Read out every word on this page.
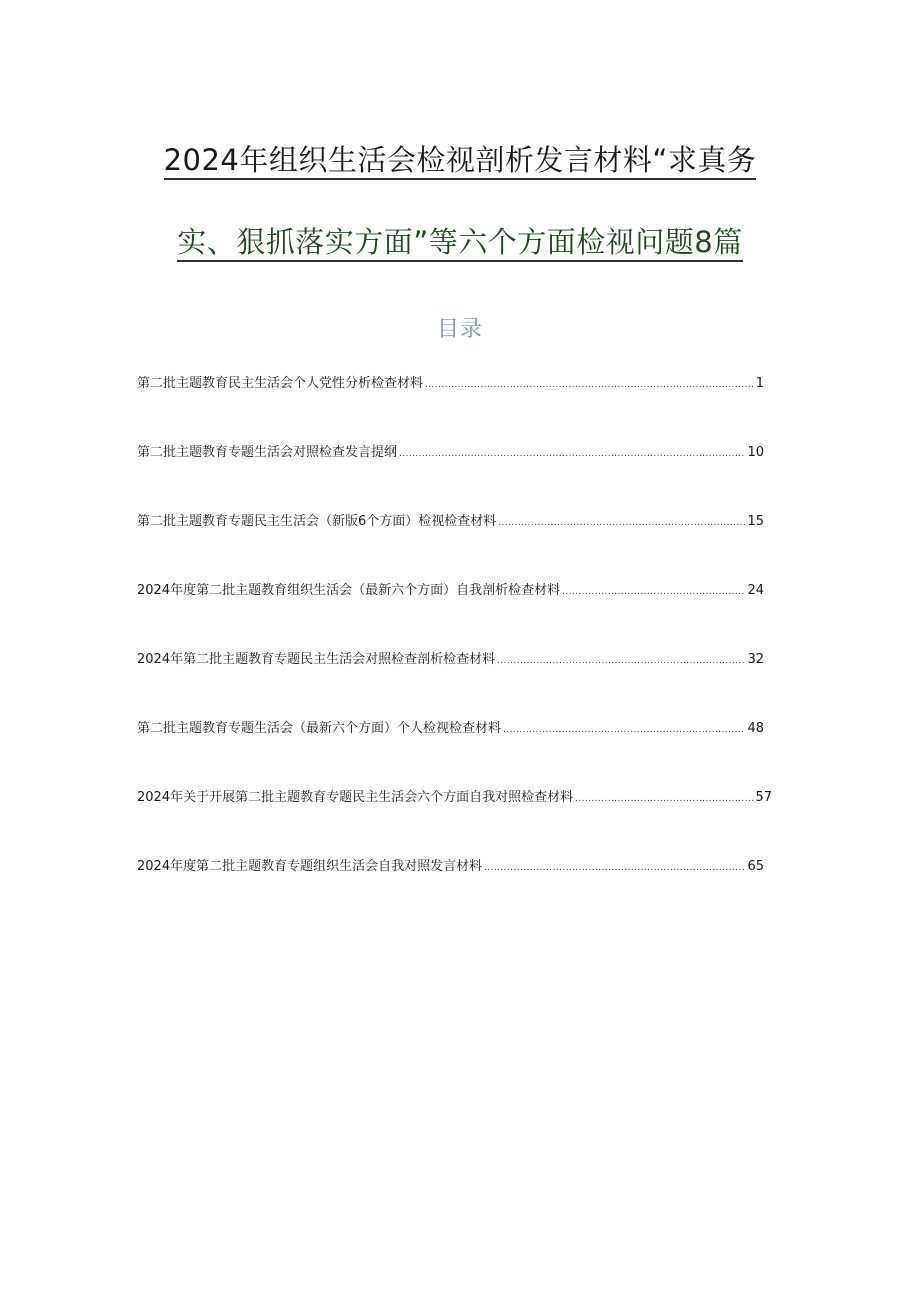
2024年组织生活会检视剖析发言材料“求真务
实、狠抓落实方面”等六个方面检视问题8篇
目录
第二批主题教育民主生活会个人党性分析检查材料 .....	1
第二批主题教育专题生活会对照检查发言提纲 .....	10
第二批主题教育专题民主生活会（新版6个方面）检视检查材料 .....	15
2024年度第二批主题教育组织生活会（最新六个方面）自我剖析检查材料 .....	24
2024年第二批主题教育专题民主生活会对照检查剖析检查材料 .....	32
第二批主题教育专题生活会（最新六个方面）个人检视检查材料 .....	48
2024年关于开展第二批主题教育专题民主生活会六个方面自我对照检查材料 .....	57
2024年度第二批主题教育专题组织生活会自我对照发言材料 .....	65
